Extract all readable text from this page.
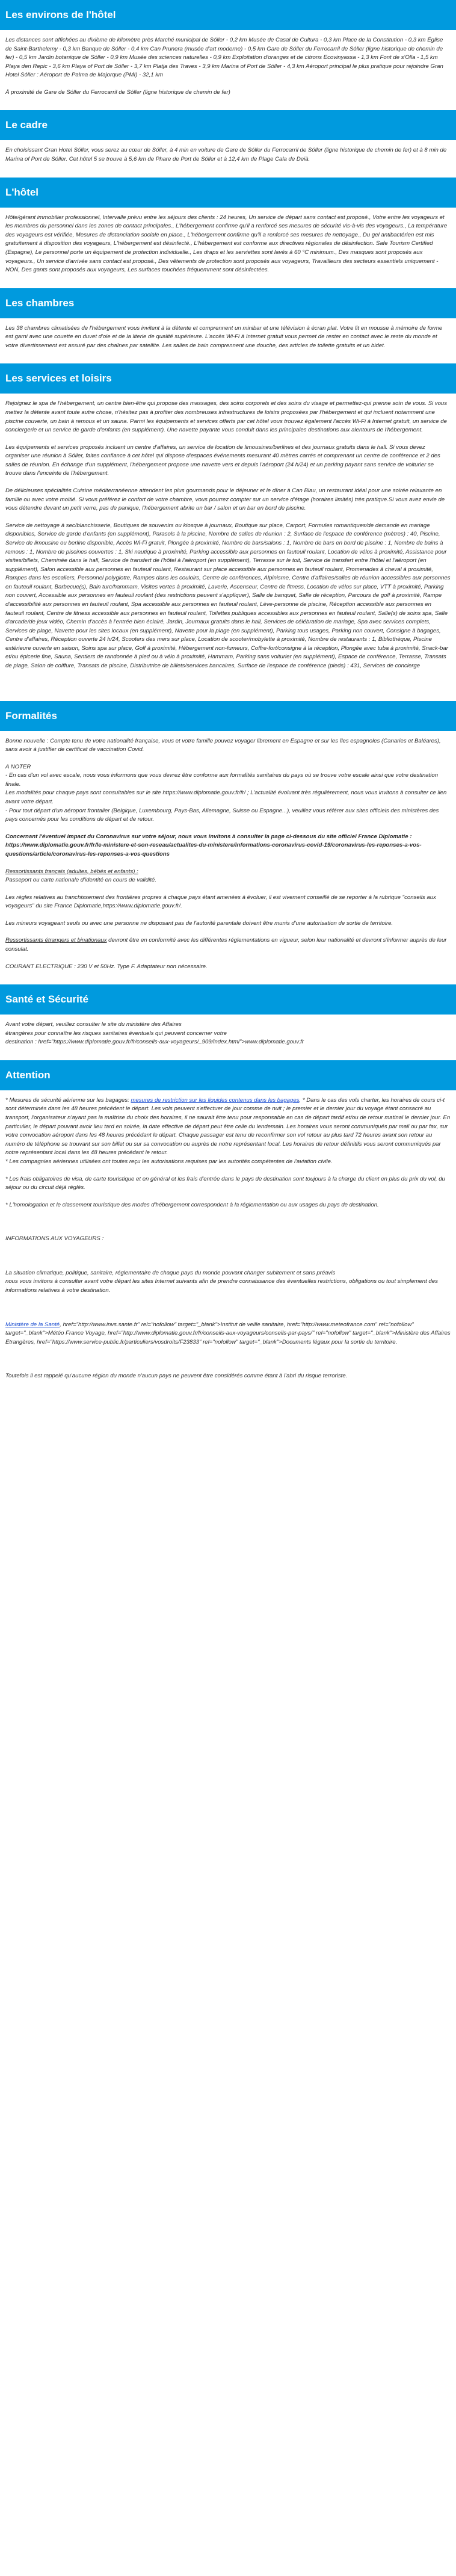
Les environs de l'hôtel

Les distances sont affichées au dixième de kilomètre près Marché municipal de Sóller - 0,2 km Musée de Casal de Cultura - 0,3 km Place de la Constitution - 0,3 km Église de Saint-Barthelemy - 0,3 km Banque de Sóller - 0,4 km Can Prunera (musée d'art moderne) - 0,5 km Gare de Sóller du Ferrocarril de Sóller (ligne historique de chemin de fer) - 0,5 km Jardin botanique de Sóller - 0,9 km Musée des sciences naturelles - 0,9 km Exploitation d'oranges et de citrons Ecovinyassa - 1,3 km Font de s'Olla - 1,5 km Playa den Repic - 3,6 km Playa of Port de Sóller - 3,7 km Platja des Traves - 3,9 km Marina of Port de Sóller - 4,3 km Aéroport principal le plus pratique pour rejoindre Gran Hotel Sóller : Aéroport de Palma de Majorque (PMI) - 32,1 km

À proximité de Gare de Sóller du Ferrocarril de Sóller (ligne historique de chemin de fer)

Le cadre

En choisissant Gran Hotel Sóller, vous serez au cœur de Sóller, à 4 min en voiture de Gare de Sóller du Ferrocarril de Sóller (ligne historique de chemin de fer) et à 8 min de Marina of Port de Sóller. Cet hôtel 5 se trouve à 5,6 km de Phare de Port de Sóller et à 12,4 km de Plage Cala de Deià.

L'hôtel

Hôte/gérant immobilier professionnel, Intervalle prévu entre les séjours des clients : 24 heures, Un service de départ sans contact est proposé., Votre entre les voyageurs et les membres du personnel dans les zones de contact principales., L'hébergement confirme qu'il a renforcé ses mesures de sécurité vis-à-vis des voyageurs., La température des voyageurs est vérifiée, Mesures de distanciation sociale en place., L'hébergement confirme qu'il a renforcé ses mesures de nettoyage., Du gel antibactérien est mis gratuitement à disposition des voyageurs, L'hébergement est désinfecté., L'hébergement est conforme aux directives régionales de désinfection. Safe Tourism Certified (Espagne), Le personnel porte un équipement de protection individuelle., Les draps et les serviettes sont lavés à 60 °C minimum., Des masques sont proposés aux voyageurs., Un service d'arrivée sans contact est proposé., Des vêtements de protection sont proposés aux voyageurs, Travailleurs des secteurs essentiels uniquement - NON, Des gants sont proposés aux voyageurs, Les surfaces touchées fréquemment sont désinfectées.

Les chambres

Les 38 chambres climatisées de l'hébergement vous invitent à la détente et comprennent un minibar et une télévision à écran plat. Votre lit en mousse à mémoire de forme est garni avec une couette en duvet d'oie et de la literie de qualité supérieure. L'accès Wi-Fi à Internet gratuit vous permet de rester en contact avec le reste du monde et votre divertissement est assuré par des chaînes par satellite. Les salles de bain comprennent une douche, des articles de toilette gratuits et un bidet.

Les services et loisirs

Rejoignez le spa de l'hébergement, un centre bien-être qui propose des massages, des soins corporels et des soins du visage et permettez-qui prenne soin de vous. Si vous mettez la détente avant toute autre chose, n'hésitez pas à profiter des nombreuses infrastructures de loisirs proposées par l'hébergement et qui incluent notamment une piscine couverte, un bain à remous et un sauna. Parmi les équipements et services offerts par cet hôtel vous trouvez également l'accès Wi-Fi à Internet gratuit, un service de conciergerie et un service de garde d'enfants (en supplément). Une navette payante vous conduit dans les principales destinations aux alentours de l'hébergement.

Les équipements et services proposés incluent un centre d'affaires, un service de location de limousines/berlines et des journaux gratuits dans le hall. Si vous devez organiser une réunion à Sóller, faites confiance à cet hôtel qui dispose d'espaces événements mesurant 40 mètres carrés et comprenant un centre de conférence et 2 des salles de réunion. En échange d'un supplément, l'hébergement propose une navette vers et depuis l'aéroport (24 h/24) et un parking payant sans service de voiturier se trouve dans l'enceinte de l'hébergement.

De délicieuses spécialités Cuisine méditerranéenne attendent les plus gourmands pour le déjeuner et le dîner à Can Blau, un restaurant idéal pour une soirée relaxante en famille ou avec votre moitié. Si vous préférez le confort de votre chambre, vous pourrez compter sur un service d'étage (horaires limités) très pratique.Si vous avez envie de vous détendre devant un petit verre, pas de panique, l'hébergement abrite un bar / salon et un bar en bord de piscine.

Service de nettoyage à sec/blanchisserie, Boutiques de souvenirs ou kiosque à journaux, Boutique sur place, Carport, Formules romantiques/de demande en mariage disponibles, Service de garde d'enfants (en supplément), Parasols à la piscine, Nombre de salles de réunion : 2, Surface de l'espace de conférence (mètres) : 40, Piscine, Service de limousine ou berline disponible, Accès Wi-Fi gratuit, Plongée à proximité, Nombre de bars/salons : 1, Nombre de bars en bord de piscine : 1, Nombre de bains à remous : 1, Nombre de piscines couvertes : 1, Ski nautique à proximité, Parking accessible aux personnes en fauteuil roulant, Location de vélos à proximité, Assistance pour visites/billets, Cheminée dans le hall, Service de transfert de l'hôtel à l'aéroport (en supplément), Terrasse sur le toit, Service de transfert entre l'hôtel et l'aéroport (en supplément), Salon accessible aux personnes en fauteuil roulant, Restaurant sur place accessible aux personnes en fauteuil roulant, Promenades à cheval à proximité, Rampes dans les escaliers, Personnel polyglotte, Rampes dans les couloirs, Centre de conférences, Alpinisme, Centre d'affaires/salles de réunion accessibles aux personnes en fauteuil roulant, Barbecue(s), Bain turc/hammam, Visites vertes à proximité, Laverie, Ascenseur, Centre de fitness, Location de vélos sur place, VTT à proximité, Parking non couvert, Accessible aux personnes en fauteuil roulant (des restrictions peuvent s'appliquer), Salle de banquet, Salle de réception, Parcours de golf à proximité, Rampe d'accessibilité aux personnes en fauteuil roulant, Spa accessible aux personnes en fauteuil roulant, Lève-personne de piscine, Réception accessible aux personnes en fauteuil roulant, Centre de fitness accessible aux personnes en fauteuil roulant, Toilettes publiques accessibles aux personnes en fauteuil roulant, Salle(s) de soins spa, Salle d'arcade/de jeux vidéo, Chemin d'accès à l'entrée bien éclairé, Jardin, Journaux gratuits dans le hall, Services de célébration de mariage, Spa avec services complets, Services de plage, Navette pour les sites locaux (en supplément), Navette pour la plage (en supplément), Parking tous usages, Parking non couvert, Consigne à bagages, Centre d'affaires, Réception ouverte 24 h/24, Scooters des mers sur place, Location de scooter/mobylette à proximité, Nombre de restaurants : 1, Bibliothèque, Piscine extérieure ouverte en saison, Soins spa sur place, Golf à proximité, Hébergement non-fumeurs, Coffre-fort/consigne à la réception, Plongée avec tuba à proximité, Snack-bar et/ou épicerie fine, Sauna, Sentiers de randonnée à pied ou à vélo à proximité, Hammam, Parking sans voiturier (en supplément), Espace de conférence, Terrasse, Transats de plage, Salon de coiffure, Transats de piscine, Distributrice de billets/services bancaires, Surface de l'espace de conférence (pieds) : 431, Services de concierge

Formalités

Bonne nouvelle : Compte tenu de votre nationalité française, vous et votre famille pouvez voyager librement en Espagne et sur les îles espagnoles (Canaries et Baléares), sans avoir à justifier de certificat de vaccination Covid.

A NOTER
- En cas d'un vol avec escale, nous vous informons que vous devrez être conforme aux formalités sanitaires du pays où se trouve votre escale ainsi que votre destination finale.
Les modalités pour chaque pays sont consultables sur le site https://www.diplomatie.gouv.fr/fr/ ; L'actualité évoluant très régulièrement, nous vous invitons à consulter ce lien avant votre départ.
- Pour tout départ d'un aéroport frontalier (Belgique, Luxembourg, Pays-Bas, Allemagne, Suisse ou Espagne...), veuillez vous référer aux sites officiels des ministères des pays concernés pour les conditions de départ et de retour.

Concernant l'éventuel impact du Coronavirus sur votre séjour, nous vous invitons à consulter la page ci-dessous du site officiel France Diplomatie :
https://www.diplomatie.gouv.fr/fr/le-ministere-et-son-reseau/actualites-du-ministere/informations-coronavirus-covid-19/coronavirus-les-reponses-a-vos-questions/article/coronavirus-les-reponses-a-vos-questions

Ressortissants français (adultes, bébés et enfants) :
Passeport ou carte nationale d'identité en cours de validité.

Les règles relatives au franchissement des frontières propres à chaque pays étant amenées à évoluer, il est vivement conseillé de se reporter à la rubrique "conseils aux voyageurs" du site France Diplomatie,https://www.diplomatie.gouv.fr/.

Les mineurs voyageant seuls ou avec une personne ne disposant pas de l'autorité parentale doivent être munis d'une autorisation de sortie de territoire.

Ressortissants étrangers et binationaux devront être en conformité avec les différentes réglementations en vigueur, selon leur nationalité et devront s'informer auprès de leur consulat.

COURANT ELECTRIQUE : 230 V et 50Hz. Type F. Adaptateur non nécessaire.

Santé et Sécurité

Avant votre départ, veuillez consulter le site du ministère des Affaires
étrangères pour connaître les risques sanitaires éventuels qui peuvent concerner votre
destination : href="https://www.diplomatie.gouv.fr/fr/conseils-aux-voyageurs/_909/index.html">www.diplomatie.gouv.fr

Attention

* Mesures de sécurité aérienne sur les bagages: mesures de restriction sur les liquides contenus dans les bagages. * Dans le cas des vols charter, les horaires de cours ci-t sont déterminés dans les 48 heures précédent le départ. Les vols peuvent s'effectuer de jour comme de nuit ; le premier et le dernier jour du voyage étant consacré au transport, l'organisateur n'ayant pas la maîtrise du choix des horaires, il ne saurait être tenu pour responsable en cas de départ tardif et/ou de retour matinal le dernier jour. En particulier, le départ pouvant avoir lieu tard en soirée, la date effective de départ peut être celle du lendemain. Les horaires vous seront communiqués par mail ou par fax, sur votre convocation aéroport dans les 48 heures précédant le départ. Chaque passager est tenu de reconfirmer son vol retour au plus tard 72 heures avant son retour au numéro de téléphone se trouvant sur son billet ou sur sa convocation ou auprès de notre représentant local. Les horaires de retour définitifs vous seront communiqués par notre représentant local dans les 48 heures précédant le retour.
* Les compagnies aériennes utilisées ont toutes reçu les autorisations requises par les autorités compétentes de l'aviation civile.

* Les frais obligatoires de visa, de carte touristique et en général et les frais d'entrée dans le pays de destination sont toujours à la charge du client en plus du prix du vol, du séjour ou du circuit déjà réglés.

* L'homologation et le classement touristique des modes d'hébergement correspondent à la réglementation ou aux usages du pays de destination.

INFORMATIONS AUX VOYAGEURS :

La situation climatique, politique, sanitaire, réglementaire de chaque pays du monde pouvant changer subitement et sans préavis
nous vous invitons à consulter avant votre départ les sites Internet suivants afin de prendre connaissance des éventuelles restrictions, obligations ou tout simplement des informations relatives à votre destination.

Ministère de la Santé, href="http://www.invs.sante.fr" rel="nofollow" target="_blank">Institut de veille sanitaire, href="http://www.meteofrance.com" rel="nofollow" target="_blank">Météo France Voyage, href="http://www.diplomatie.gouv.fr/fr/conseils-aux-voyageurs/conseils-par-pays/" rel="nofollow" target="_blank">Ministère des Affaires Étrangères, href="https://www.service-public.fr/particuliers/vosdroits/F23833" rel="nofollow" target="_blank">Documents légaux pour la sortie du territoire.

Toutefois il est rappelé qu'aucune région du monde n'aucun pays ne peuvent être considérés comme étant à l'abri du risque terroriste.
